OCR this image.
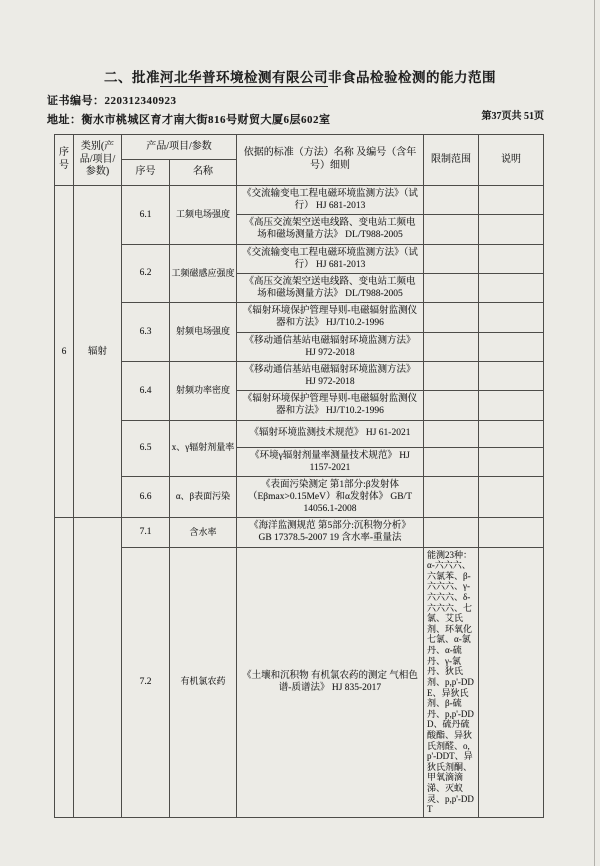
二、批准河北华普环境检测有限公司非食品检验检测的能力范围
证书编号：220312340923
地址：衡水市桃城区育才南大街816号财贸大厦6层602室	第37页共 51页
序号	类别(产品/项目/参数)	产品/项目/参数		依据的标准（方法）名称 及编号（含年号）细则	限制范围	说明
		序号	名称			
6	辐射	6.1	工频电场强度	《交流输变电工程电磁环境监测方法》（试行） HJ 681-2013		
				《高压交流架空送电线路、变电站工频电场和磁场测量方法》 DL/T988-2005		
		6.2	工频磁感应强度	《交流输变电工程电磁环境监测方法》（试行） HJ 681-2013		
				《高压交流架空送电线路、变电站工频电场和磁场测量方法》 DL/T988-2005		
		6.3	射频电场强度	《辐射环境保护管理导则-电磁辐射监测仪器和方法》 HJ/T10.2-1996		
				《移动通信基站电磁辐射环境监测方法》 HJ 972-2018		
		6.4	射频功率密度	《移动通信基站电磁辐射环境监测方法》 HJ 972-2018		
				《辐射环境保护管理导则-电磁辐射监测仪器和方法》 HJ/T10.2-1996		
		6.5	x、γ辐射剂量率	《辐射环境监测技术规范》 HJ 61-2021		
				《环境γ辐射剂量率测量技术规范》 HJ 1157-2021		
		6.6	α、β表面污染	《表面污染测定 第1部分:β发射体（Eβmax>0.15MeV）和α发射体》 GB/T 14056.1-2008		
		7.1	含水率	《海洋监测规范 第5部分:沉积物分析》 GB 17378.5-2007 19 含水率-重量法		
		7.2	有机氯农药	《土壤和沉积物 有机氯农药的测定 气相色谱-质谱法》 HJ 835-2017	能测23种：α-六六六、六氯苯、β-六六六、γ-六六六、δ-六六六、七氯、艾氏剂、环氧化七氯、α-氯丹、α-硫丹、γ-氯丹、狄氏剂、p,p'-DDE、异狄氏剂、β-硫丹、p,p'-DDD、硫丹硫酸酯、异狄氏剂醛、o,p'-DDT、异狄氏剂酮、甲氧滴滴涕、灭蚁灵、p,p'-DDT	
